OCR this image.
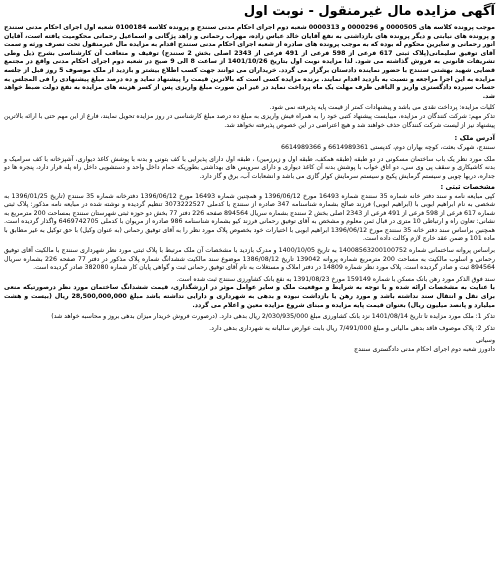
آگهی مزایده مال غیرمنقول - نوبت اول

موجب پرونده کلاسه های 0000505 و 0000296 و 0000313 شعبه دوم اجرای احکام مدنی سنندج و پرونده کلاسه 0100184 شعبه اول اجرای احکام مدنی سنندج و پرونده های نیابتی و دیگر پرونده های بازداشتی به نفع آقایان خالد عباس زاده، مهراب رحمانی و زاهد پژگانی و اسماعیل رحمانی محکومیت یافته است، آقایان انور رحمانی و سایرین محکوم له بوده که به موجب پرونده های صادره از شعبه اجرای احکام مدنی سنندج اقدام به مزایده مال غیرمنقول تحت تصرف ورثه و سمت آقای توفیق سلیمانی(پلاک ثبتی 617 فرعی از 598 فرعی از 491 فرعی از 2343 اصلی بخش 2 سنندج) توقیف و متعاقب آن کارشناسی بشرح ذیل وطی تشریفات قانونی به فروش گذاشته می شود. لذا مزایده نوبت اول بتاریخ 1401/10/26 از ساعت 8 الی 9 صبح در شعبه دوم اجرای احکام مدنی واقع در مجتمع قضایی شهید بهشتی سنندج با حضور نماینده دادستان برگزار می گردد. خریداران می توانند جهت کسب اطلاع بیشتر و بازدید از ملک موصوف 5 روز قبل از جلسه مزایده به این اجرا مراجعه و نسبت به بازدید اقدام نمایند. برنده مزایده کسی است که بالاترین قیمت را پیشنهاد نماید و ده درصد مبلغ پیشنهادی را فی المجلس به حساب سپرده دادگستری واریز و الباقی ظرف مهلت یک ماه پرداخت نماید در غیر این صورت مبلغ واریزی پس از کسر هزینه های مزایده به نفع دولت ضبط خواهد شد.

کلیات مزایده: پرداخت نقدی می باشد و پیشنهادات کمتر از قیمت پایه پذیرفته نمی شود.

تذکر مهم: شرکت کنندگان در مزایده، میبایست پیشنهاد کتبی خود را به همراه فیش واریزی به مبلغ ده درصد مبلغ کارشناسی در روز مزایده تحویل نمایند، فارغ از این مهم حتی با ارائه بالاترین پیشنهاد نیز از لیست شرکت کنندگان حذف خواهند شد و هیچ اعتراضی در این خصوص پذیرفته نخواهد شد.

آدرس ملک :

سنندج، شهرک بعثت، کوچه بهاران دوم، کدپستی 6614989361 و 6614989366

ملک مورد نظر یک باب ساختمان مسکونی در دو طبقه (طبقه همکف، طبقه اول و زیرزمین) ، طبقه اول دارای پذیرایی با کف بتونی و بدنه با پوشش کاغذ دیواری، آشپزخانه با کف سرامیک و بدنه کاشیکاری و سقف پی وی سی، دو اتاق خواب با پوشش بدنه آن کاغذ دیواری و دارای سرویس های بهداشتی بطوریکه حمام داخل واحد و دستشویی داخل راه پله قرار دارد، پنجره ها دو جداره، دربها چوبی و سیستم گرمایش پکیج و سیستم سرمایش کولر گازی می باشد و انشعابات آب، برق و گاز دارد.

مشخصات ثبتی :

کپی مبایعه نامه و سند دفتر خانه شماره 35 سنندج شماره 16493 مورخ 1396/06/12 و همچنین شماره 16493 مورخ 1396/06/12 دفترخانه شماره 35 سنندج (تاریخ 1396/01/25 به شخصی به نام ابراهیم ابوبی با (ابراهیم ابوبی) فرزند صالح بشماره شناسنامه 347 صادره از سنندج با کدملی 3073222527 تنظیم گردیده و نوشته شده در مبایعه نامه مذکور: پلاک ثبتی شماره 617 فرعی از 598 فرعی از 491 فرعی از 2343 اصلی بخش 2 سنندج بشماره سریال 894564 صفحه 226 دفتر 77 بخش دو حوزه ثبتی شهرستان سنندج بمساحت 200 مترمربع به نشانی: تعاون راه و ارتباطی 10 متری در قبال ثمن معلوم و مشخص به آقای توفیق رحمانی فرزند کیو بشماره شناسنامه 986 صادره از مریوان با کدملی 6469742705 واگذار گردیده است. همچنین براساس سند دفتر خانه 35 سنندج مورخ 1396/06/12 ابراهیم ابوبی با اختیارات خود بخصوص پلاک مورد نظر را به آقای توفیق رحمانی (به عنوان وکیل) با حق توکیل به غیر مطابق با ماده 101 و ضمن عقد خارج لازم وکالت داده است.

براساس پروانه ساختمانی شماره 14008563200100752 به تاریخ 1400/10/05 و مدرک بازدید با مشخصات آن ملک مرتبط با پلاک ثبتی مورد نظر شهرداری سنندج با مالکیت آقای توفیق رحمانی و اسلوب مالکیت به مساحت 200 مترمربع شماره پروانه 139042 تاریخ 1386/08/12 موضوع سند مالکیت ششدانگ شماره پلاک مذکور در دفتر 77 صفحه 226 بشماره سریال 894564 ثبت و صادر گردیده است. پلاک مورد نظر شماره 14809 در دفتر املاک و مستغلات به نام آقای توفیق رحمانی ثبت و گواهی پایان کار شماره 382080 صادر گردیده است.

سند فوق الذکر مورد رهن بانک مسکن با شماره 159149 مورخ 1391/08/23 به نفع بانک کشاورزی سنندج ثبت شده است.

با عنایت به مشخصات ارائه شده و با توجه به شرایط و موقعیت ملک و سایر عوامل موثر در ارزشگذاری، قیمت ششدانگ ساختمان مورد نظر درصورتیکه منعی برای نقل و انتقال سند نداشته باشد و مورد رهن یا بازداشت نبوده و بدهی به شهرداری و دارایی نداشته باشد مبلغ 28,500,000,000 ریال (بیست و هشت میلیارد و پانصد میلیون ریال) بعنوان قیمت پایه مزایده و مبنای شروع مزایده معین و اعلام می گردد.

تذکر 1: ملک مورد مزایده تا تاریخ 1401/08/14 نزد بانک کشاورزی مبلغ 2/030/935/000 ریال بدهی دارد. (درصورت فروش خریدار میزان بدهی بروز و محاسبه خواهد شد)

تذکر 2: پلاک موصوف فاقد بدهی مالیاتی و مبلغ 7/491/000 ریال بابت عوارض سالیانه به شهرداری بدهی دارد.

وسیانی

دادورز شعبه دوم اجرای احکام مدنی دادگستری سنندج
